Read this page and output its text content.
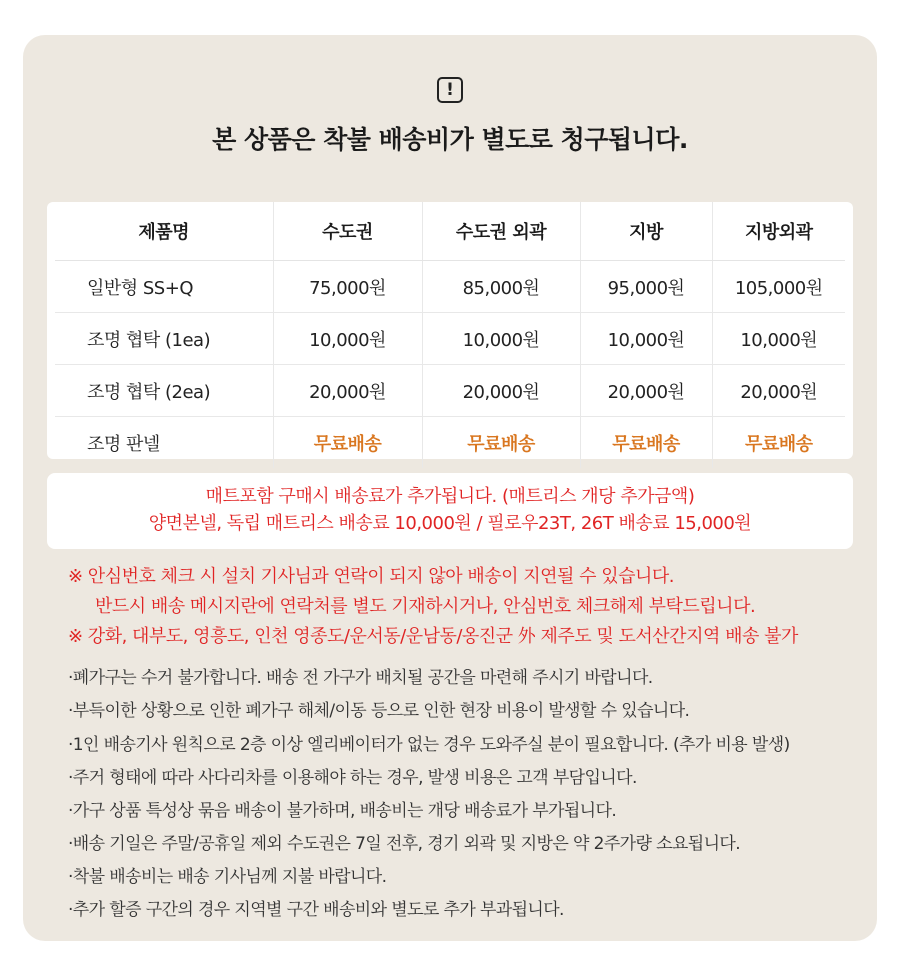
!
본 상품은 착불 배송비가 별도로 청구됩니다.
제품명	수도권	수도권 외곽	지방	지방외곽
일반형 SS+Q	75,000원	85,000원	95,000원	105,000원
조명 협탁 (1ea)	10,000원	10,000원	10,000원	10,000원
조명 협탁 (2ea)	20,000원	20,000원	20,000원	20,000원
조명 판넬	무료배송	무료배송	무료배송	무료배송
매트포함 구매시 배송료가 추가됩니다. (매트리스 개당 추가금액)
양면본넬, 독립 매트리스 배송료 10,000원 / 필로우23T, 26T 배송료 15,000원
※ 안심번호 체크 시 설치 기사님과 연락이 되지 않아 배송이 지연될 수 있습니다.
반드시 배송 메시지란에 연락처를 별도 기재하시거나, 안심번호 체크해제 부탁드립니다.
※ 강화, 대부도, 영흥도, 인천 영종도/운서동/운남동/옹진군 外 제주도 및 도서산간지역 배송 불가
·폐가구는 수거 불가합니다. 배송 전 가구가 배치될 공간을 마련해 주시기 바랍니다.
·부득이한 상황으로 인한 폐가구 해체/이동 등으로 인한 현장 비용이 발생할 수 있습니다.
·1인 배송기사 원칙으로 2층 이상 엘리베이터가 없는 경우 도와주실 분이 필요합니다. (추가 비용 발생)
·주거 형태에 따라 사다리차를 이용해야 하는 경우, 발생 비용은 고객 부담입니다.
·가구 상품 특성상 묶음 배송이 불가하며, 배송비는 개당 배송료가 부가됩니다.
·배송 기일은 주말/공휴일 제외 수도권은 7일 전후, 경기 외곽 및 지방은 약 2주가량 소요됩니다.
·착불 배송비는 배송 기사님께 지불 바랍니다.
·추가 할증 구간의 경우 지역별 구간 배송비와 별도로 추가 부과됩니다.
